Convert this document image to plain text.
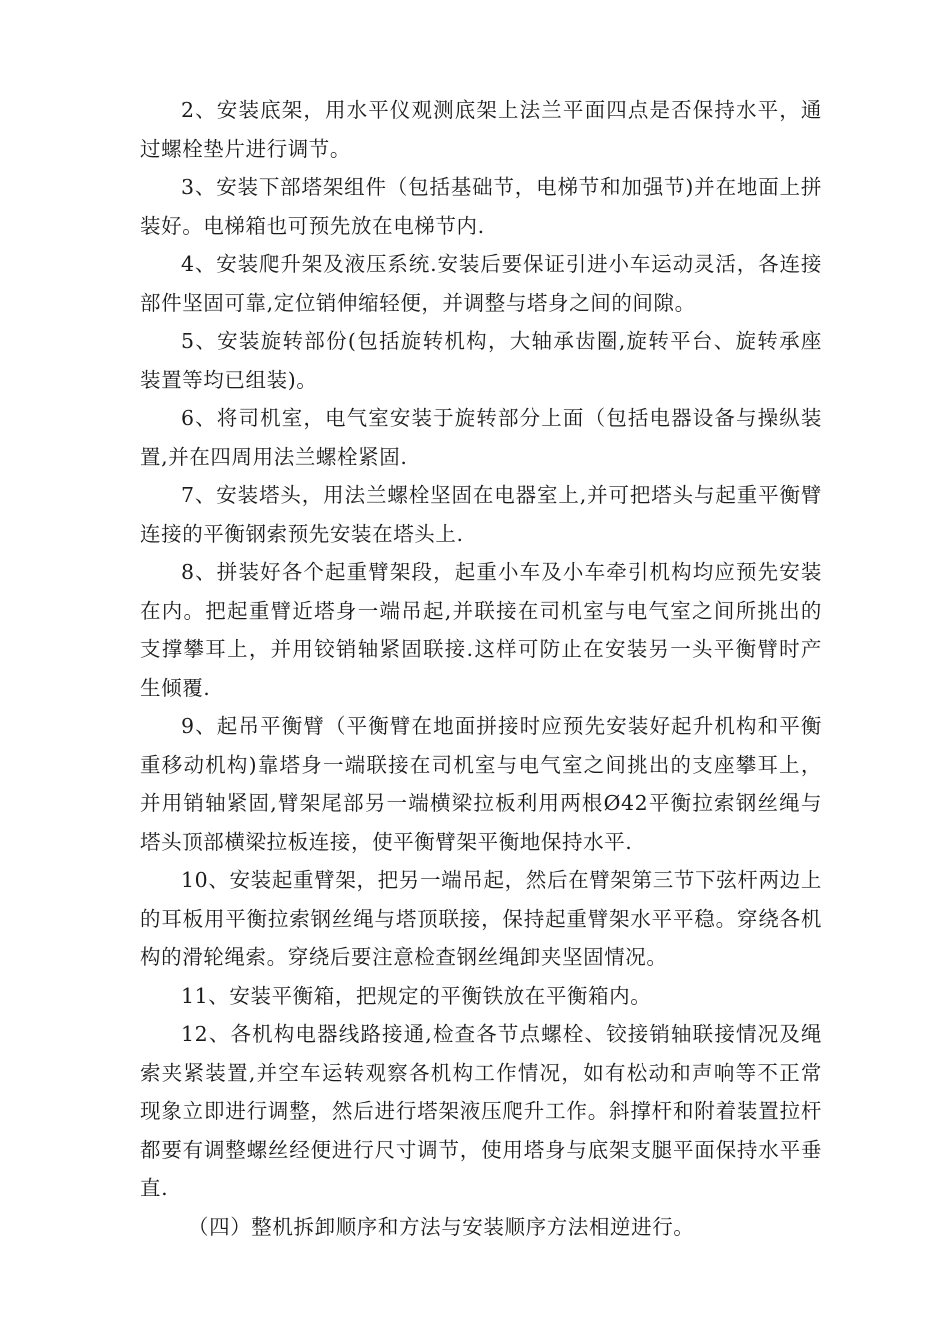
2、安装底架，用水平仪观测底架上法兰平面四点是否保持水平，通过螺栓垫片进行调节。

3、安装下部塔架组件（包括基础节，电梯节和加强节)并在地面上拼装好。电梯箱也可预先放在电梯节内.

4、安装爬升架及液压系统.安装后要保证引进小车运动灵活，各连接部件坚固可靠,定位销伸缩轻便，并调整与塔身之间的间隙。

5、安装旋转部份(包括旋转机构，大轴承齿圈,旋转平台、旋转承座装置等均已组装)。

6、将司机室，电气室安装于旋转部分上面（包括电器设备与操纵装置,并在四周用法兰螺栓紧固.

7、安装塔头，用法兰螺栓坚固在电器室上,并可把塔头与起重平衡臂连接的平衡钢索预先安装在塔头上.

8、拼装好各个起重臂架段，起重小车及小车牵引机构均应预先安装在内。把起重臂近塔身一端吊起,并联接在司机室与电气室之间所挑出的支撑攀耳上，并用铰销轴紧固联接.这样可防止在安装另一头平衡臂时产生倾覆.

9、起吊平衡臂（平衡臂在地面拼接时应预先安装好起升机构和平衡重移动机构)靠塔身一端联接在司机室与电气室之间挑出的支座攀耳上，并用销轴紧固,臂架尾部另一端横梁拉板利用两根Ø42平衡拉索钢丝绳与塔头顶部横梁拉板连接，使平衡臂架平衡地保持水平.

10、安装起重臂架，把另一端吊起，然后在臂架第三节下弦杆两边上的耳板用平衡拉索钢丝绳与塔顶联接，保持起重臂架水平平稳。穿绕各机构的滑轮绳索。穿绕后要注意检查钢丝绳卸夹坚固情况。

11、安装平衡箱，把规定的平衡铁放在平衡箱内。

12、各机构电器线路接通,检查各节点螺栓、铰接销轴联接情况及绳索夹紧装置,并空车运转观察各机构工作情况，如有松动和声响等不正常现象立即进行调整，然后进行塔架液压爬升工作。斜撑杆和附着装置拉杆都要有调整螺丝经便进行尺寸调节，使用塔身与底架支腿平面保持水平垂直.

（四）整机拆卸顺序和方法与安装顺序方法相逆进行。
